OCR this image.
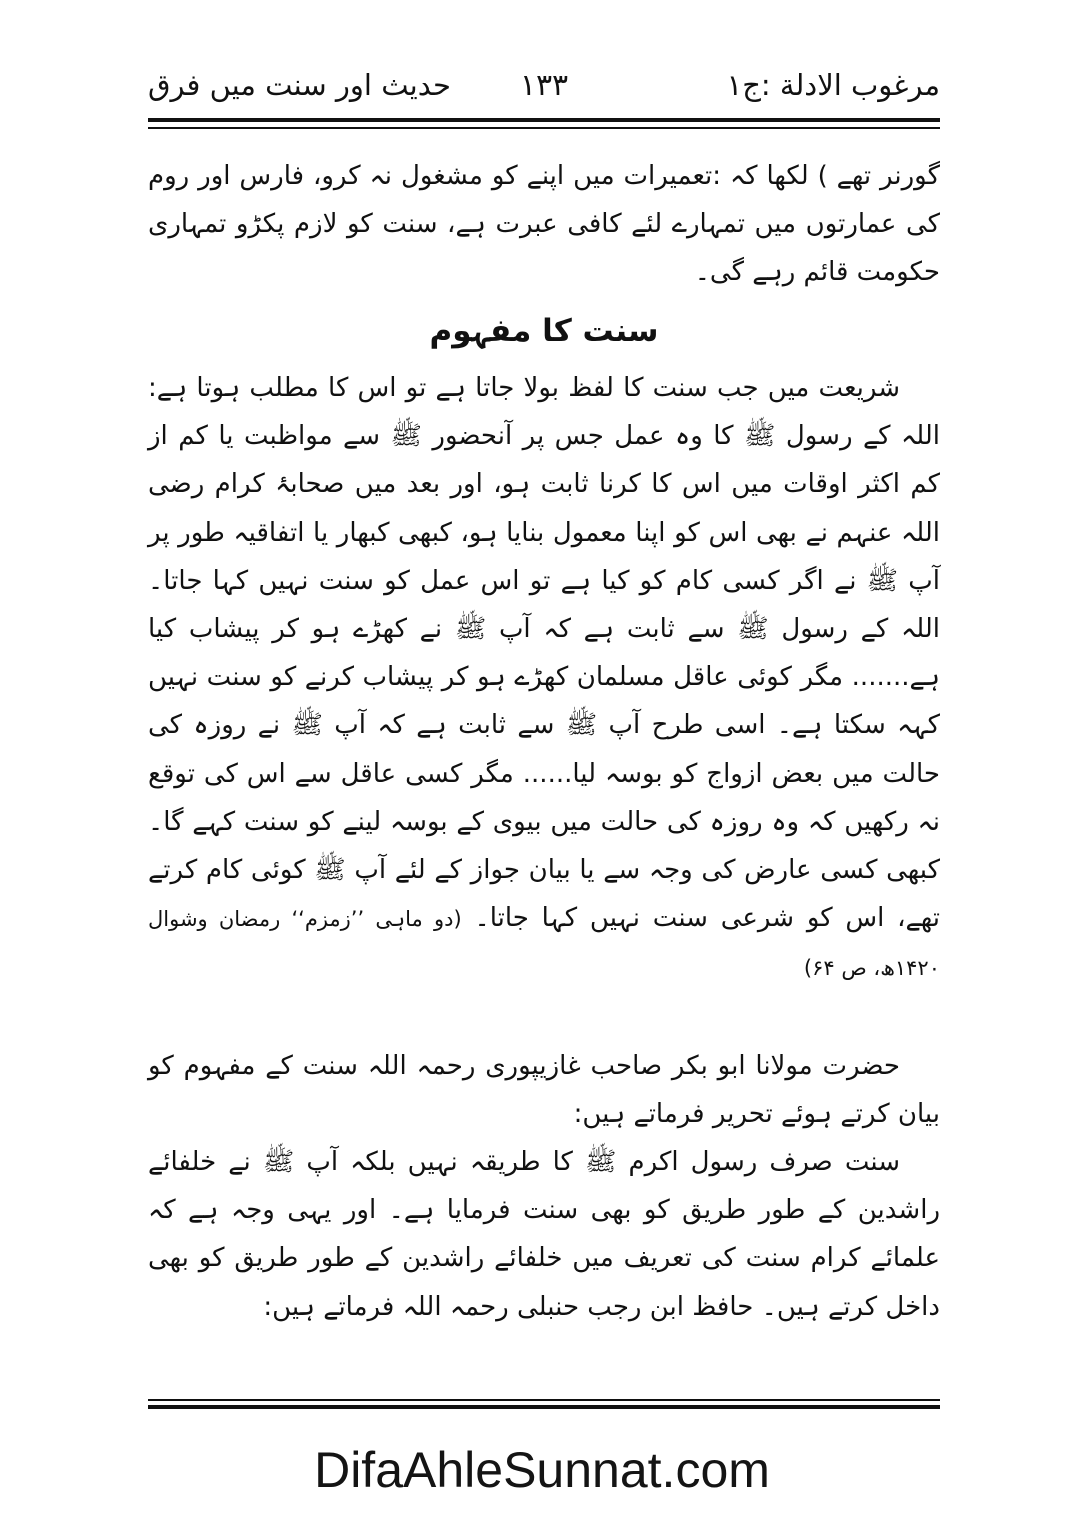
مرغوب الادلة :ج۱
۱۳۳
حدیث اور سنت میں فرق

گورنر تھے ) لکھا کہ :تعمیرات میں اپنے کو مشغول نہ کرو، فارس اور روم کی عمارتوں میں تمہارے لئے کافی عبرت ہے، سنت کو لازم پکڑو تمہاری حکومت قائم رہے گی۔

سنت کا مفہوم

شریعت میں جب سنت کا لفظ بولا جاتا ہے تو اس کا مطلب ہوتا ہے: اللہ کے رسول ﷺ کا وہ عمل جس پر آنحضور ﷺ سے مواظبت یا کم از کم اکثر اوقات میں اس کا کرنا ثابت ہو، اور بعد میں صحابۂ کرام رضی اللہ عنہم نے بھی اس کو اپنا معمول بنایا ہو، کبھی کبھار یا اتفاقیہ طور پر آپ ﷺ نے اگر کسی کام کو کیا ہے تو اس عمل کو سنت نہیں کہا جاتا۔ اللہ کے رسول ﷺ سے ثابت ہے کہ آپ ﷺ نے کھڑے ہو کر پیشاب کیا ہے....... مگر کوئی عاقل مسلمان کھڑے ہو کر پیشاب کرنے کو سنت نہیں کہہ سکتا ہے۔ اسی طرح آپ ﷺ سے ثابت ہے کہ آپ ﷺ نے روزہ کی حالت میں بعض ازواج کو بوسہ لیا...... مگر کسی عاقل سے اس کی توقع نہ رکھیں کہ وہ روزہ کی حالت میں بیوی کے بوسہ لینے کو سنت کہے گا۔ کبھی کسی عارض کی وجہ سے یا بیان جواز کے لئے آپ ﷺ کوئی کام کرتے تھے، اس کو شرعی سنت نہیں کہا جاتا۔ (دو ماہی ’’زمزم‘‘ رمضان وشوال ۱۴۲۰ھ، ص ۶۴)

حضرت مولانا ابو بکر صاحب غازیپوری رحمہ اللہ سنت کے مفہوم کو بیان کرتے ہوئے تحریر فرماتے ہیں:

سنت صرف رسول اکرم ﷺ کا طریقہ نہیں بلکہ آپ ﷺ نے خلفائے راشدین کے طور طریق کو بھی سنت فرمایا ہے۔ اور یہی وجہ ہے کہ علمائے کرام سنت کی تعریف میں خلفائے راشدین کے طور طریق کو بھی داخل کرتے ہیں۔ حافظ ابن رجب حنبلی رحمہ اللہ فرماتے ہیں:

DifaAhleSunnat.com
